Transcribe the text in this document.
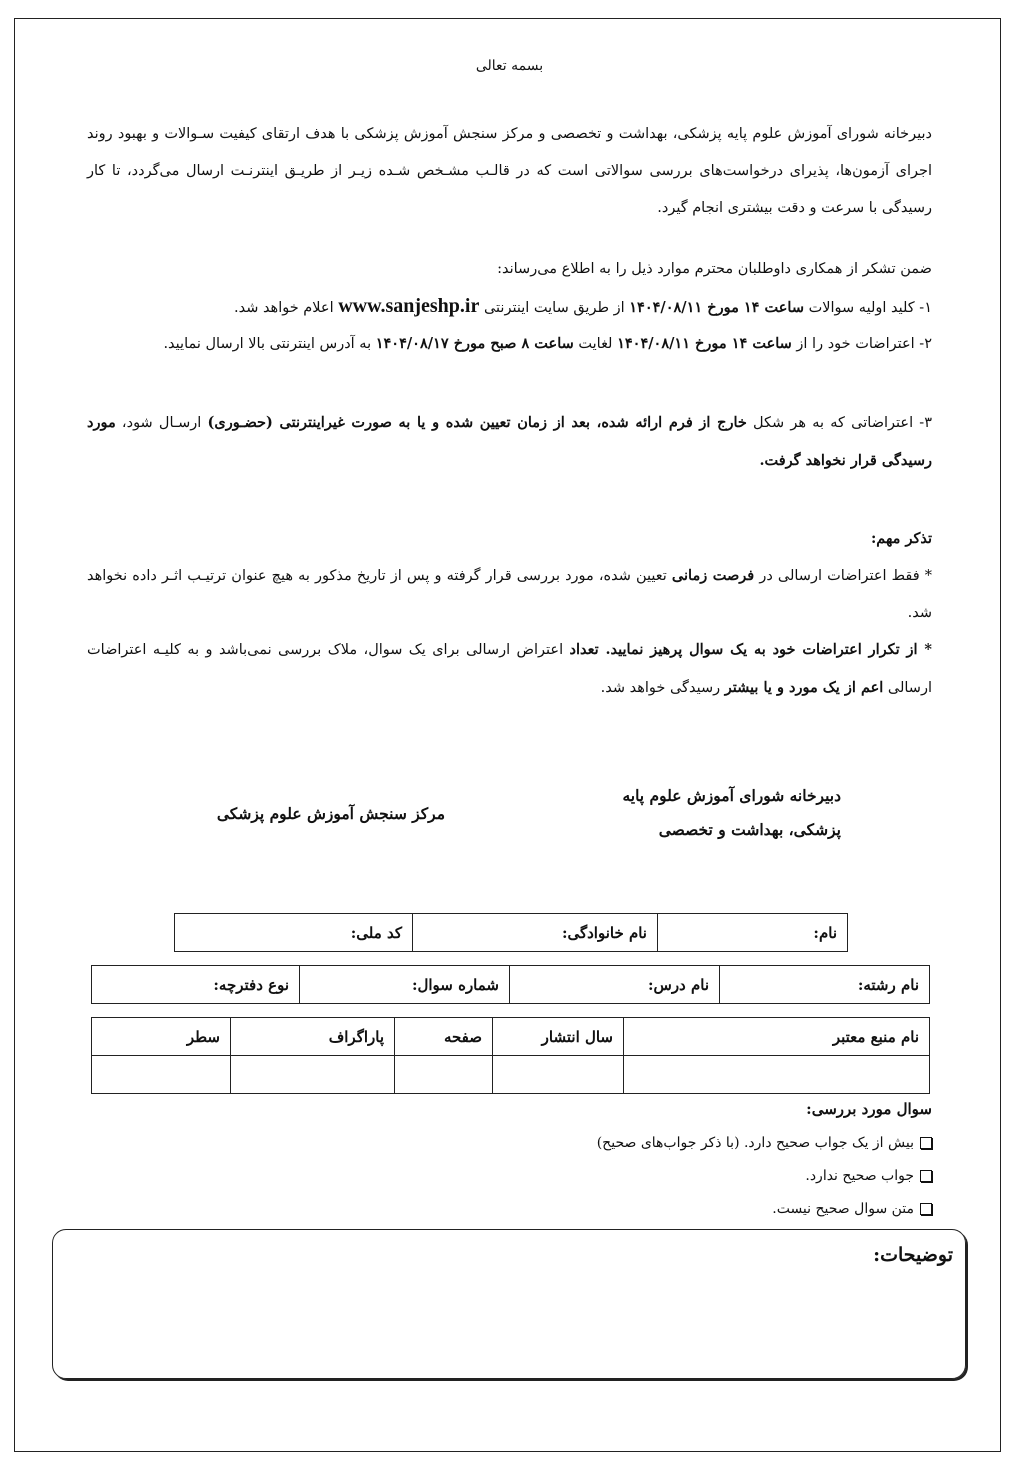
بسمه تعالی

دبیرخانه شورای آموزش علوم پایه پزشکی، بهداشت و تخصصی و مرکز سنجش آموزش پزشکی با هدف ارتقای کیفیت سـوالات و بهبود روند اجرای آزمون‌ها، پذیرای درخواست‌های بررسی سوالاتی است که در قالـب مشـخص شـده زیـر از طریـق اینترنـت ارسال می‌گردد، تا کار رسیدگی با سرعت و دقت بیشتری انجام گیرد.

ضمن تشکر از همکاری داوطلبان محترم موارد ذیل را به اطلاع می‌رساند:

۱- کلید اولیه سوالات ساعت ۱۴ مورخ ۱۴۰۴/۰۸/۱۱ از طریق سایت اینترنتی www.sanjeshp.ir اعلام خواهد شد.

۲- اعتراضات خود را از ساعت ۱۴ مورخ ۱۴۰۴/۰۸/۱۱ لغایت ساعت ۸ صبح مورخ ۱۴۰۴/۰۸/۱۷ به آدرس اینترنتی بالا ارسال نمایید.

۳- اعتراضاتی که به هر شکل خارج از فرم ارائه شده، بعد از زمان تعیین شده و یا به صورت غیراینترنتی (حضـوری) ارسـال شود، مورد رسیدگی قرار نخواهد گرفت.

تذکر مهم:

* فقط اعتراضات ارسالی در فرصت زمانی تعیین شده، مورد بررسی قرار گرفته و پس از تاریخ مذکور به هیچ عنوان ترتیـب اثـر داده نخواهد شد.

* از تکرار اعتراضات خود به یک سوال پرهیز نمایید. تعداد اعتراض ارسالی برای یک سوال، ملاک بررسی نمی‌باشد و به کلیـه اعتراضات ارسالی اعم از یک مورد و یا بیشتر رسیدگی خواهد شد.

دبیرخانه شورای آموزش علوم پایه
پزشکی، بهداشت و تخصصی
مرکز سنجش آموزش علوم پزشکی
نام:	نام خانوادگی:	کد ملی:
نام رشته:	نام درس:	شماره سوال:	نوع دفترچه:
نام منبع معتبر	سال انتشار	صفحه	پاراگراف	سطر

سوال مورد بررسی:
بیش از یک جواب صحیح دارد. (با ذکر جواب‌های صحیح)
جواب صحیح ندارد.
متن سوال صحیح نیست.
توضیحات:
